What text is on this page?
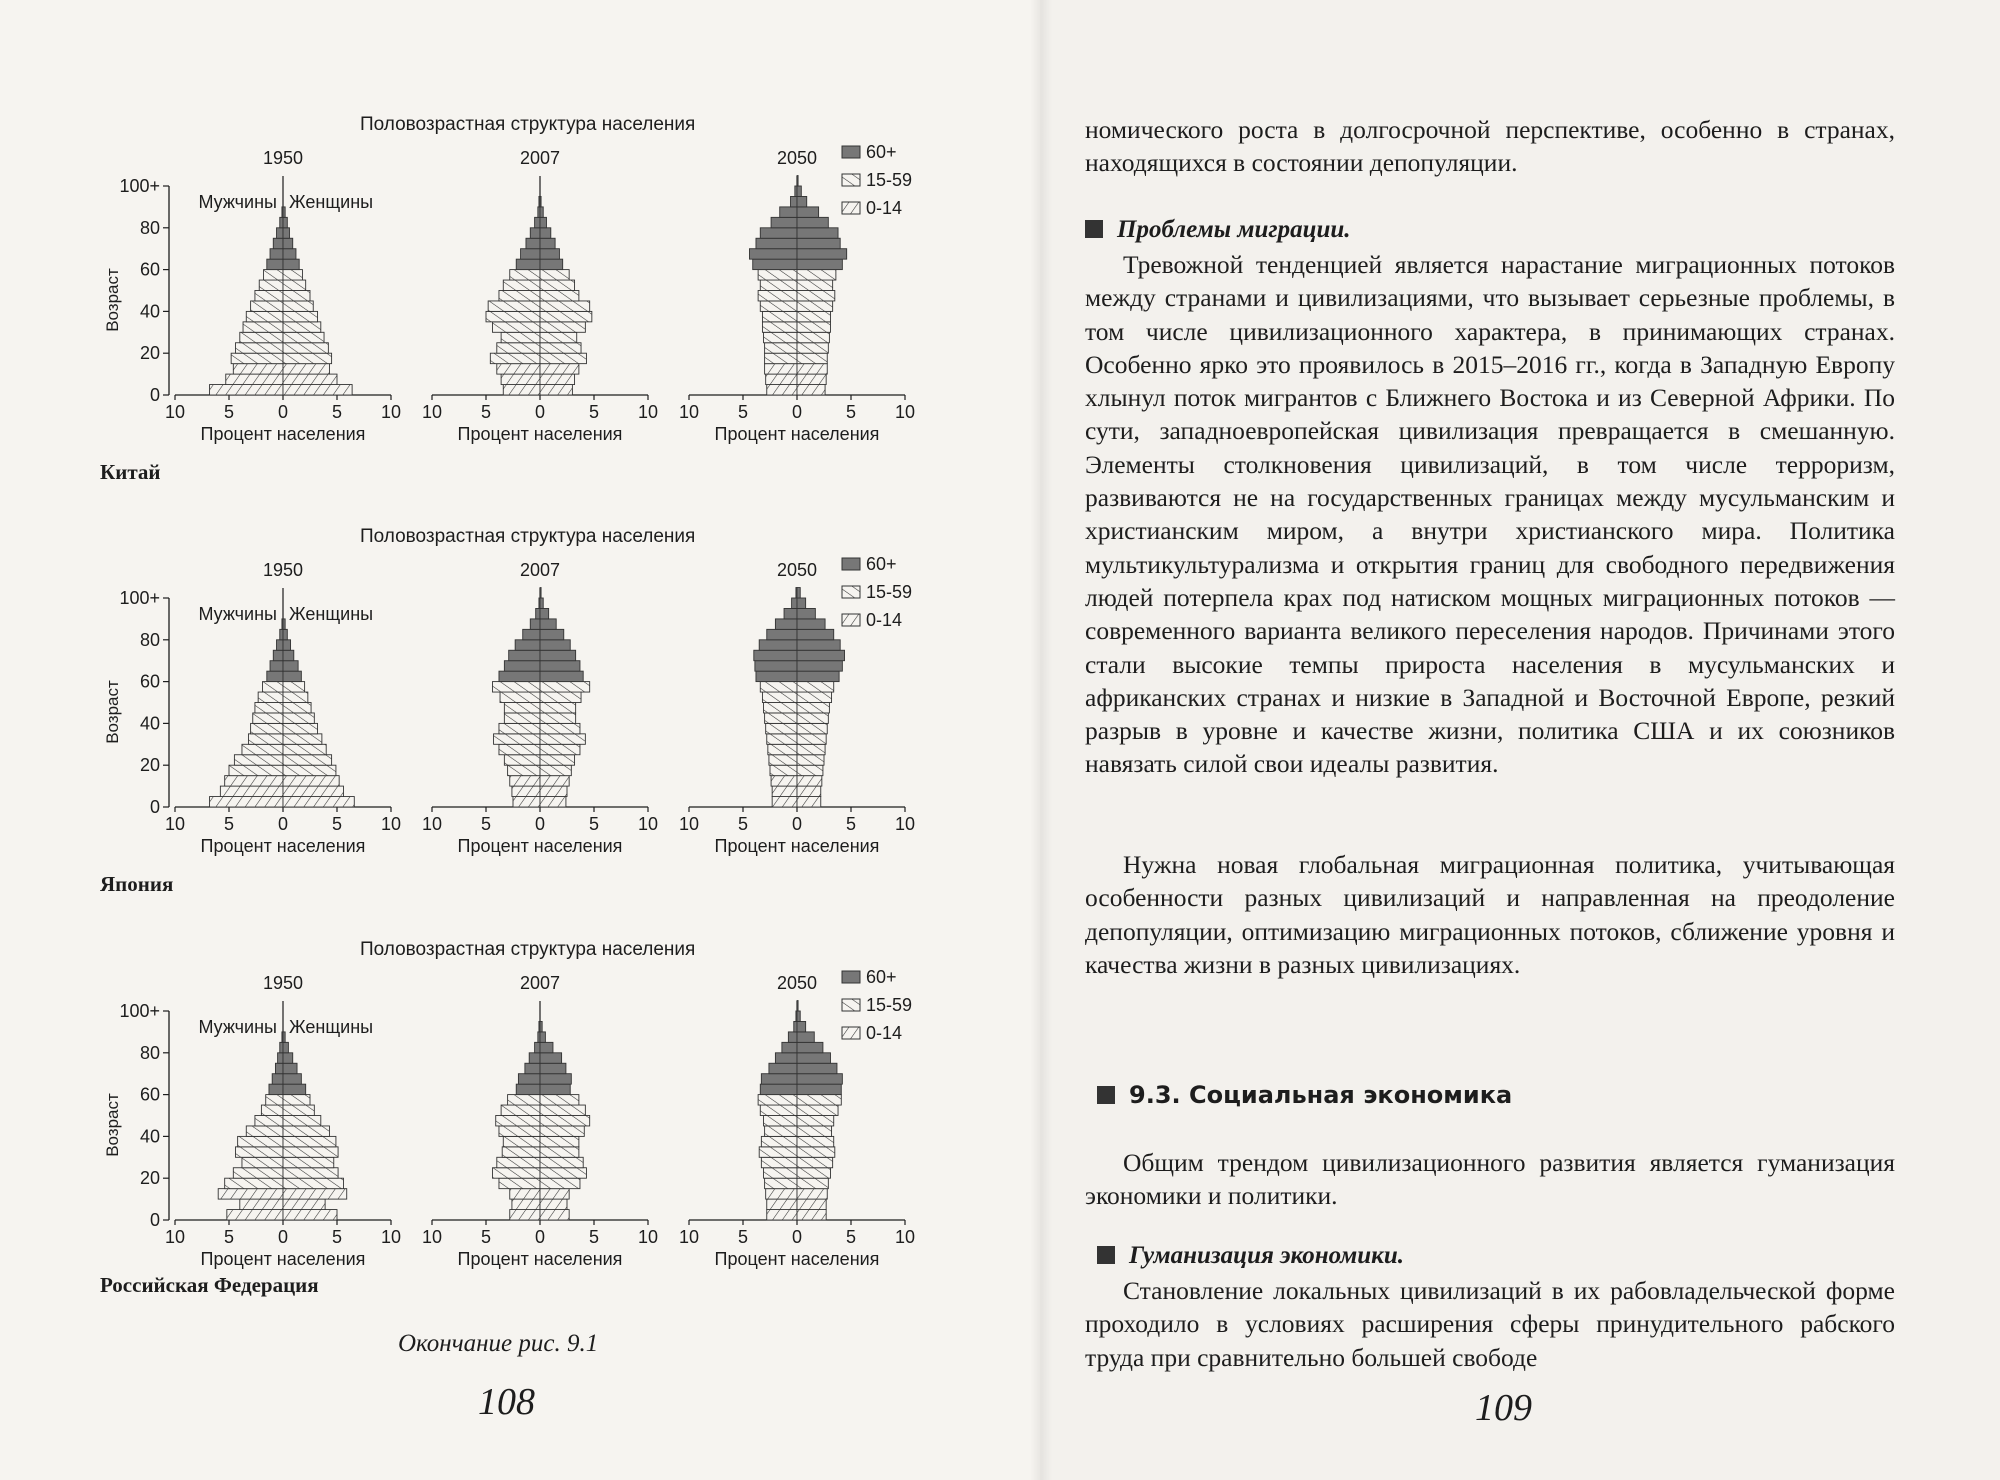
Половозрастная структура населения
Возраст
100+
80
60
40
20
0
Мужчины Женщины
60+
15-59
0-14
1950
10 5 0 5 10
Процент населения
2007
10 5 0 5 10
Процент населения
2050
10 5 0 5 10
Процент населения
Китай
Половозрастная структура населения
Возраст
100+
80
60
40
20
0
Мужчины Женщины
60+
15-59
0-14
1950
10 5 0 5 10
Процент населения
2007
10 5 0 5 10
Процент населения
2050
10 5 0 5 10
Процент населения
Япония
Половозрастная структура населения
Возраст
100+
80
60
40
20
0
Мужчины Женщины
60+
15-59
0-14
1950
10 5 0 5 10
Процент населения
2007
10 5 0 5 10
Процент населения
2050
10 5 0 5 10
Процент населения
Российская Федерация
Окончание рис. 9.1
108

номического роста в долгосрочной перспективе, особенно в странах, находящихся в состоянии депопуляции.

Проблемы миграции.

Тревожной тенденцией является нарастание миграционных потоков между странами и цивилизациями, что вызывает серьезные проблемы, в том числе цивилизационного характера, в принимающих странах. Особенно ярко это проявилось в 2015–2016 гг., когда в Западную Европу хлынул поток мигрантов с Ближнего Востока и из Северной Африки. По сути, западноевропейская цивилизация превращается в смешанную. Элементы столкновения цивилизаций, в том числе терроризм, развиваются не на государственных границах между мусульманским и христианским миром, а внутри христианского мира. Политика мультикультурализма и открытия границ для свободного передвижения людей потерпела крах под натиском мощных миграционных потоков — современного варианта великого переселения народов. Причинами этого стали высокие темпы прироста населения в мусульманских и африканских странах и низкие в Западной и Восточной Европе, резкий разрыв в уровне и качестве жизни, политика США и их союзников навязать силой свои идеалы развития.

Нужна новая глобальная миграционная политика, учитывающая особенности разных цивилизаций и направленная на преодоление депопуляции, оптимизацию миграционных потоков, сближение уровня и качества жизни в разных цивилизациях.

9.3. Социальная экономика

Общим трендом цивилизационного развития является гуманизация экономики и политики.

Гуманизация экономики.

Становление локальных цивилизаций в их рабовладельческой форме проходило в условиях расширения сферы принудительного рабского труда при сравнительно большей свободе

109
